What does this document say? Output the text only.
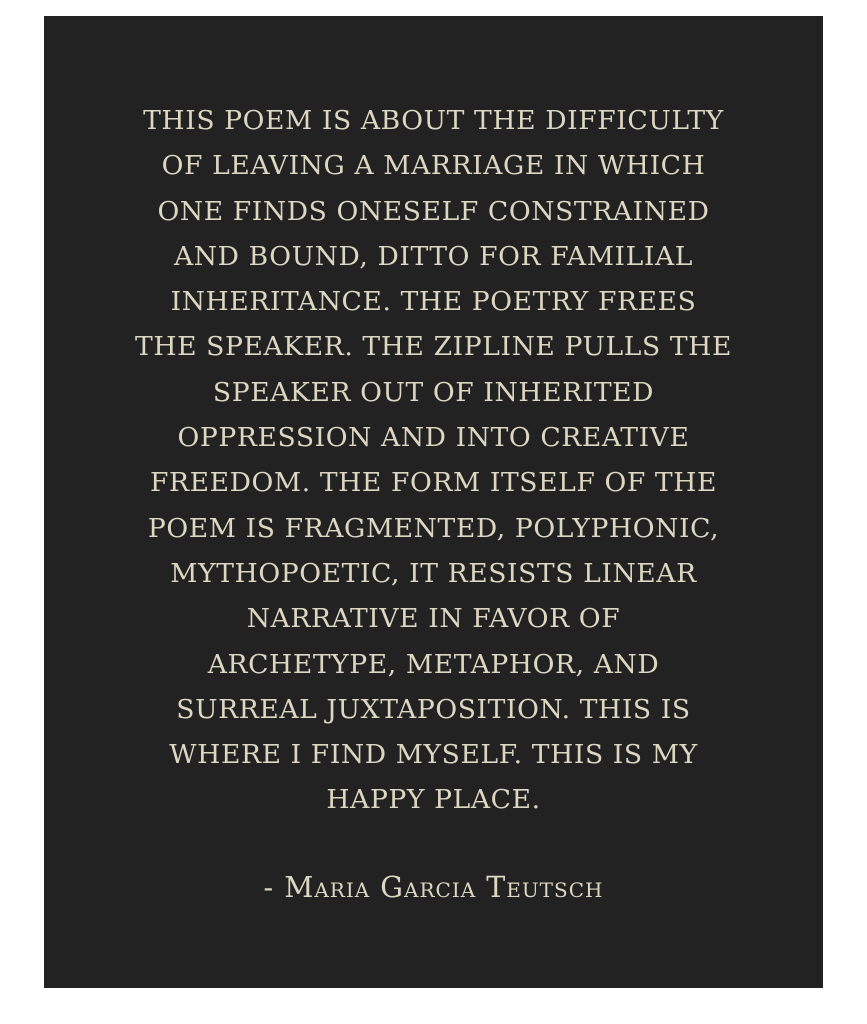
THIS POEM IS ABOUT THE DIFFICULTY
OF LEAVING A MARRIAGE IN WHICH
ONE FINDS ONESELF CONSTRAINED
AND BOUND, DITTO FOR FAMILIAL
INHERITANCE. THE POETRY FREES
THE SPEAKER. THE ZIPLINE PULLS THE
SPEAKER OUT OF INHERITED
OPPRESSION AND INTO CREATIVE
FREEDOM. THE FORM ITSELF OF THE
POEM IS FRAGMENTED, POLYPHONIC,
MYTHOPOETIC, IT RESISTS LINEAR
NARRATIVE IN FAVOR OF
ARCHETYPE, METAPHOR, AND
SURREAL JUXTAPOSITION. THIS IS
WHERE I FIND MYSELF. THIS IS MY
HAPPY PLACE.

- Maria Garcia Teutsch
